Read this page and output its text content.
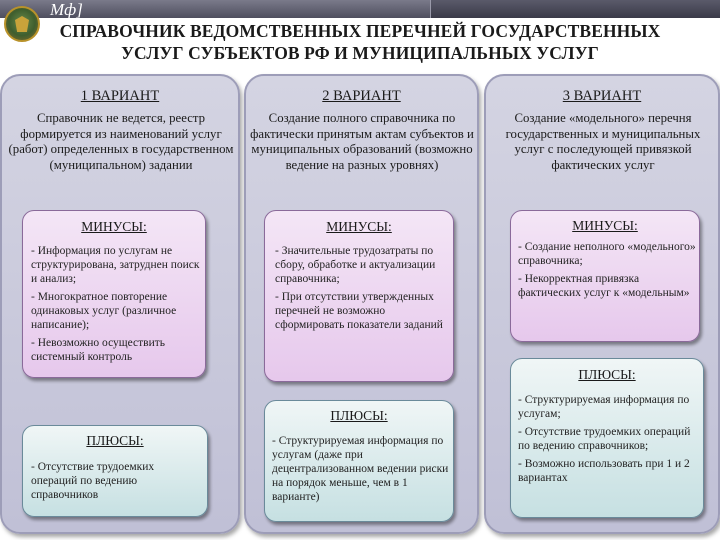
Мф]
СПРАВОЧНИК ВЕДОМСТВЕННЫХ ПЕРЕЧНЕЙ ГОСУДАРСТВЕННЫХ
УСЛУГ СУБЪЕКТОВ РФ И МУНИЦИПАЛЬНЫХ УСЛУГ
1 ВАРИАНТ
Справочник не ведется, реестр формируется из наименований услуг (работ) определенных в государственном (муниципальном) задании
МИНУСЫ:

- Информация по услугам не структурирована, затруднен поиск и анализ;

- Многократное повторение одинаковых услуг (различное написание);

- Невозможно осуществить системный контроль

ПЛЮСЫ:

- Отсутствие трудоемких операций по ведению справочников

2 ВАРИАНТ
Создание полного справочника по фактически принятым актам субъектов и муниципальных образований (возможно ведение на разных уровнях)
МИНУСЫ:

- Значительные трудозатраты по сбору, обработке и актуализации справочника;

- При отсутствии утвержденных перечней не возможно сформировать показатели заданий

ПЛЮСЫ:

- Структурируемая информация по услугам (даже при децентрализованном ведении риски на порядок меньше, чем в 1 варианте)

3 ВАРИАНТ
Создание «модельного» перечня государственных и муниципальных услуг с последующей привязкой фактических услуг
МИНУСЫ:

- Создание неполного «модельного» справочника;

- Некорректная привязка фактических услуг к «модельным»

ПЛЮСЫ:

- Структурируемая информация по услугам;

- Отсутствие трудоемких операций по ведению справочников;

- Возможно использовать при 1 и 2 вариантах
